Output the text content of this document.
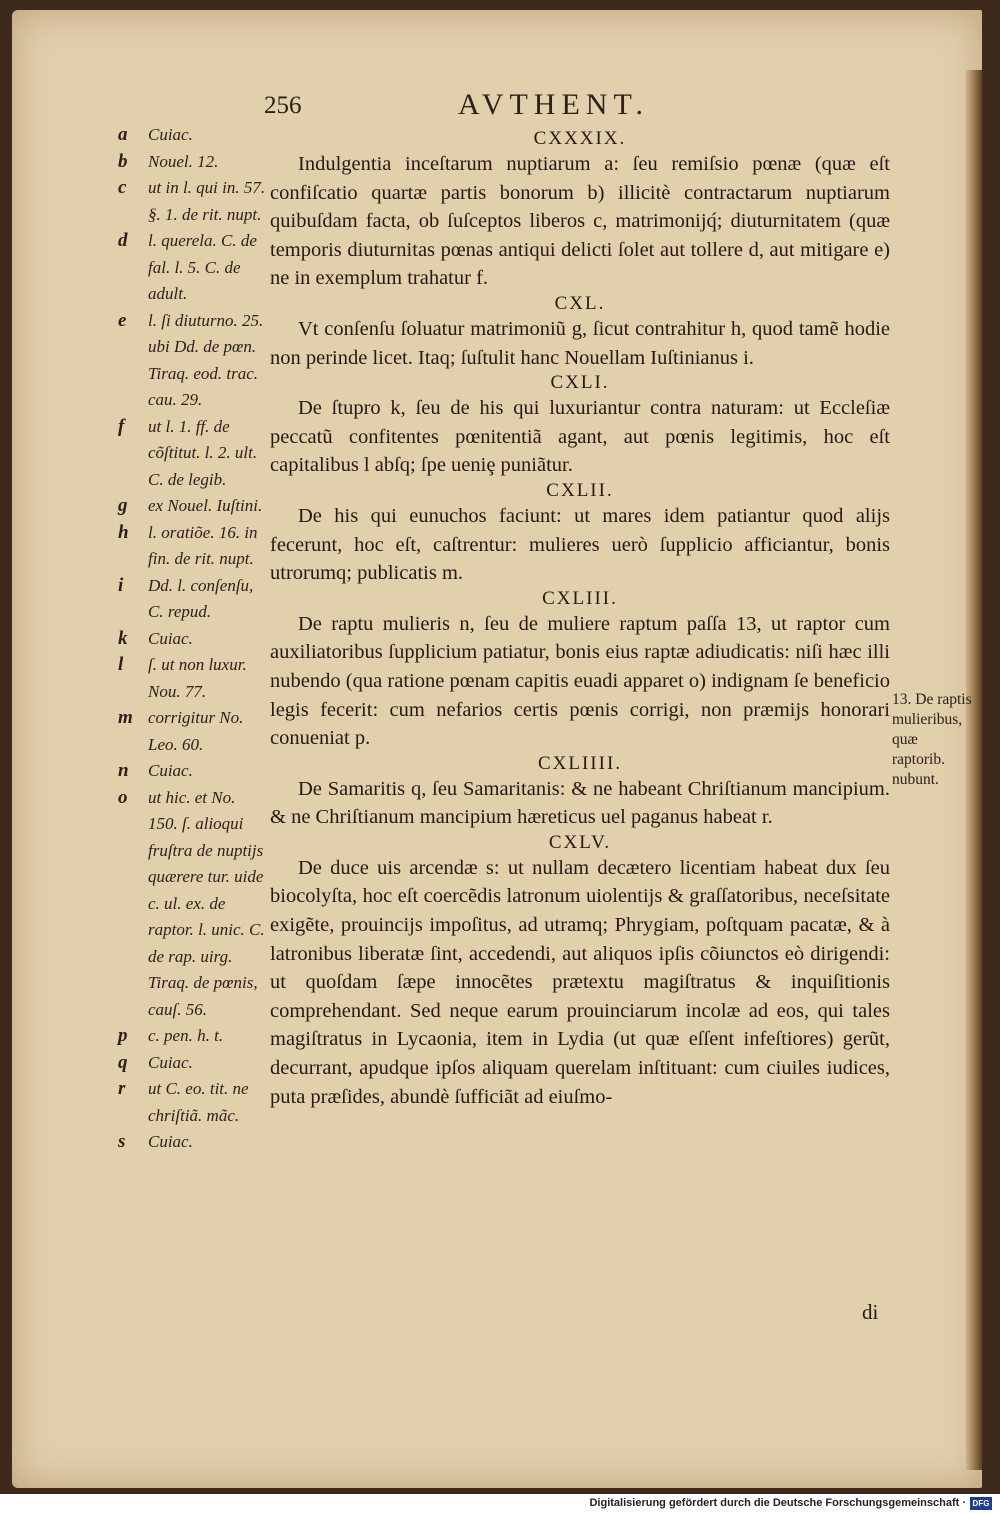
256	AVTHENT.
CXXXIX.

Indulgentia inceſtarum nuptiarum a: ſeu remiſsio pœnæ (quæ eſt confiſcatio quartæ partis bonorum b) illicitè contractarum nuptiarum quibuſdam facta, ob ſuſceptos liberos c, matrimonijq́; diuturnitatem (quæ temporis diuturnitas pœnas antiqui delicti ſolet aut tollere d, aut mitigare e) ne in exemplum trahatur f.

CXL.

Vt conſenſu ſoluatur matrimoniũ g, ſicut contrahitur h, quod tamẽ hodie non perinde licet. Itaq; ſuſtulit hanc Nouellam Iuſtinianus i.

CXLI.

De ſtupro k, ſeu de his qui luxuriantur contra naturam: ut Eccleſiæ peccatũ confitentes pœnitentiã agant, aut pœnis legitimis, hoc eſt capitalibus l abſq; ſpe ueniȩ puniãtur.

CXLII.

De his qui eunuchos faciunt: ut mares idem patiantur quod alijs fecerunt, hoc eſt, caſtrentur: mulieres uerò ſupplicio afficiantur, bonis utrorumq; publicatis m.

CXLIII.

De raptu mulieris n, ſeu de muliere raptum paſſa 13, ut raptor cum auxiliatoribus ſupplicium patiatur, bonis eius raptæ adiudicatis: niſi hæc illi nubendo (qua ratione pœnam capitis euadi apparet o) indignam ſe beneficio legis fecerit: cum nefarios certis pœnis corrigi, non præmijs honorari conueniat p.

CXLIIII.

De Samaritis q, ſeu Samaritanis: & ne habeant Chriſtianum mancipium. & ne Chriſtianum mancipium hæreticus uel paganus habeat r.

CXLV.

De duce uis arcendæ s: ut nullam decætero licentiam habeat dux ſeu biocolyſta, hoc eſt coercẽdis latronum uiolentijs & graſſatoribus, neceſsitate exigẽte, prouincijs impoſitus, ad utramq; Phrygiam, poſtquam pacatæ, & à latronibus liberatæ ſint, accedendi, aut aliquos ipſis cõiunctos eò dirigendi: ut quoſdam ſæpe innocẽtes prætextu magiſtratus & inquiſitionis comprehendant. Sed neque earum prouinciarum incolæ ad eos, qui tales magiſtratus in Lycaonia, item in Lydia (ut quæ eſſent infeſtiores) gerũt, decurrant, apudque ipſos aliquam querelam inſtituant: cum ciuiles iudices, puta præſides, abundè ſufficiãt ad eiuſmo-

di
a Cuiac.
b Nouel. 12.
c ut in l. qui in. 57. §. 1. de rit. nupt.
d l. querela. C. de fal. l. 5. C. de adult.
e l. ſi diuturno. 25. ubi Dd. de pœn. Tiraq. eod. trac. cau. 29.
f ut l. 1. ff. de cõſtitut. l. 2. ult. C. de legib.
g ex Nouel. Iuſtini.
h l. oratiõe. 16. in fin. de rit. nupt.
i Dd. l. conſenſu, C. repud.
k Cuiac.
l ſ. ut non luxur. Nou. 77.
m corrigitur No. Leo. 60.
n Cuiac.
o ut hic. et No. 150. ſ. alioqui fruſtra de nuptijs quærere tur. uide c. ul. ex. de raptor. l. unic. C. de rap. uirg. Tiraq. de pœnis, cauſ. 56.
p c. pen. h. t.
q Cuiac.
r ut C. eo. tit. ne chriſtiã. mãc.
s Cuiac.
13. De raptis mulieribus, quæ raptorib. nubunt.
Digitalisierung gefördert durch die Deutsche Forschungsgemeinschaft · DFG
